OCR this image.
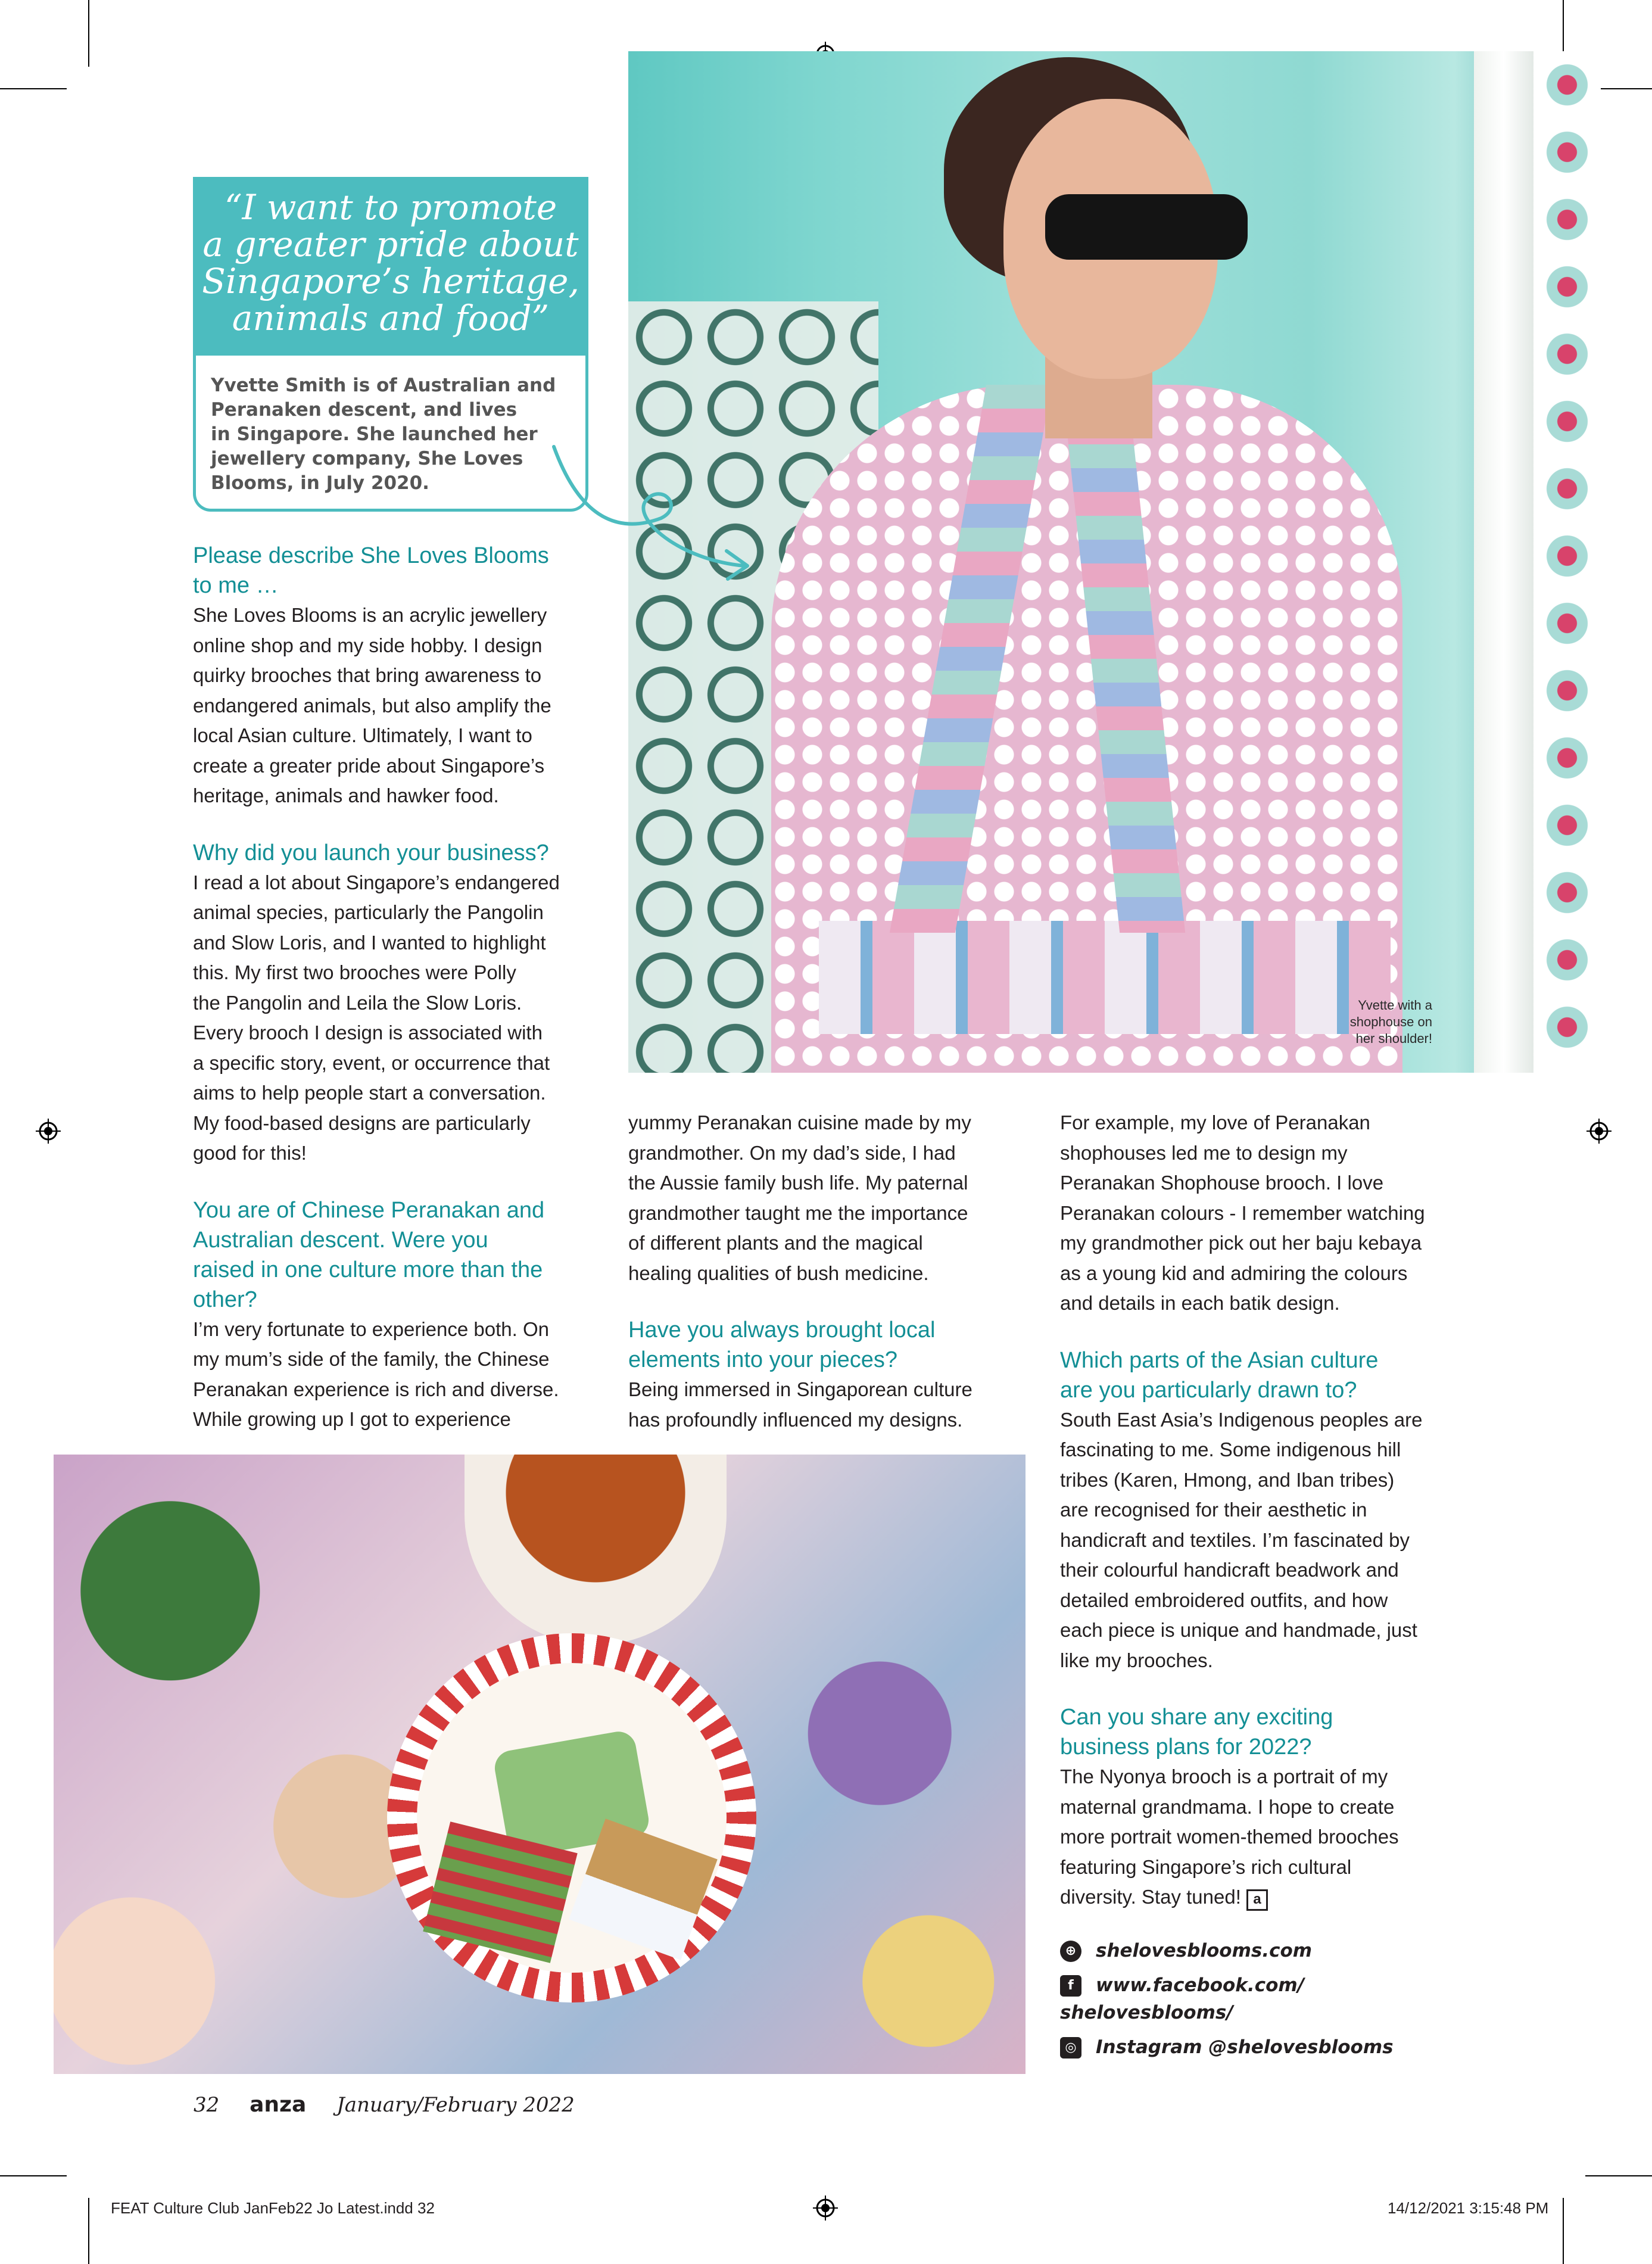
Yvette with a
shophouse on
her shoulder!
“I want to promote
a greater pride about
Singapore’s heritage,
animals and food”
Yvette Smith is of Australian and
Peranaken descent, and lives
in Singapore. She launched her
jewellery company, She Loves
Blooms, in July 2020.
Please describe She Loves Blooms
to me …
She Loves Blooms is an acrylic jewellery
online shop and my side hobby. I design
quirky brooches that bring awareness to
endangered animals, but also amplify the
local Asian culture. Ultimately, I want to
create a greater pride about Singapore’s
heritage, animals and hawker food.
Why did you launch your business?
I read a lot about Singapore’s endangered
animal species, particularly the Pangolin
and Slow Loris, and I wanted to highlight
this. My first two brooches were Polly
the Pangolin and Leila the Slow Loris.
Every brooch I design is associated with
a specific story, event, or occurrence that
aims to help people start a conversation.
My food-based designs are particularly
good for this!
You are of Chinese Peranakan and
Australian descent. Were you
raised in one culture more than the
other?
I’m very fortunate to experience both. On
my mum’s side of the family, the Chinese
Peranakan experience is rich and diverse.
While growing up I got to experience
yummy Peranakan cuisine made by my
grandmother. On my dad’s side, I had
the Aussie family bush life. My paternal
grandmother taught me the importance
of different plants and the magical
healing qualities of bush medicine.
Have you always brought local
elements into your pieces?
Being immersed in Singaporean culture
has profoundly influenced my designs.
For example, my love of Peranakan
shophouses led me to design my
Peranakan Shophouse brooch. I love
Peranakan colours - I remember watching
my grandmother pick out her baju kebaya
as a young kid and admiring the colours
and details in each batik design.
Which parts of the Asian culture
are you particularly drawn to?
South East Asia’s Indigenous peoples are
fascinating to me. Some indigenous hill
tribes (Karen, Hmong, and Iban tribes)
are recognised for their aesthetic in
handicraft and textiles. I’m fascinated by
their colourful handicraft beadwork and
detailed embroidered outfits, and how
each piece is unique and handmade, just
like my brooches.
Can you share any exciting
business plans for 2022?
The Nyonya brooch is a portrait of my
maternal grandmama. I hope to create
more portrait women-themed brooches
featuring Singapore’s rich cultural
diversity. Stay tuned! a
⊕ shelovesblooms.com
f	www.facebook.com/
shelovesblooms/
◎ Instagram @shelovesblooms
32 anza January/February 2022
FEAT Culture Club JanFeb22 Jo Latest.indd 32	14/12/2021 3:15:48 PM
